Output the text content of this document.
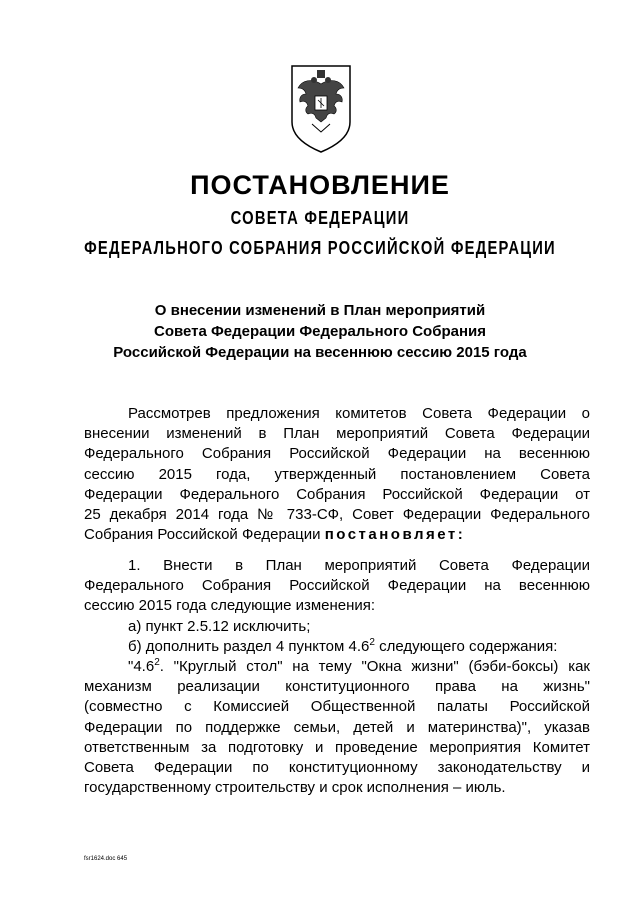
ПОСТАНОВЛЕНИЕ
СОВЕТА ФЕДЕРАЦИИ
ФЕДЕРАЛЬНОГО СОБРАНИЯ РОССИЙСКОЙ ФЕДЕРАЦИИ
О внесении изменений в План мероприятий
Совета Федерации Федерального Собрания
Российской Федерации на весеннюю сессию 2015 года
Рассмотрев предложения комитетов Совета Федерации о
внесении изменений в План мероприятий Совета Федерации
Федерального Собрания Российской Федерации на весеннюю
сессию 2015 года, утвержденный постановлением Совета
Федерации Федерального Собрания Российской Федерации от
25 декабря 2014 года № 733-СФ, Совет Федерации Федерального
Собрания Российской Федерации постановляет:
1. Внести в План мероприятий Совета Федерации
Федерального Собрания Российской Федерации на весеннюю
сессию 2015 года следующие изменения:
а) пункт 2.5.12 исключить;
б) дополнить раздел 4 пунктом $4.6^2$ следующего содержания:
"$4.6^2$. "Круглый стол" на тему "Окна жизни" (бэби-боксы) как
механизм реализации конституционного права на жизнь"
(совместно с Комиссией Общественной палаты Российской
Федерации по поддержке семьи, детей и материнства)", указав
ответственным за подготовку и проведение мероприятия Комитет
Совета Федерации по конституционному законодательству и
государственному строительству и срок исполнения – июль.
fsr1624.doc 645
